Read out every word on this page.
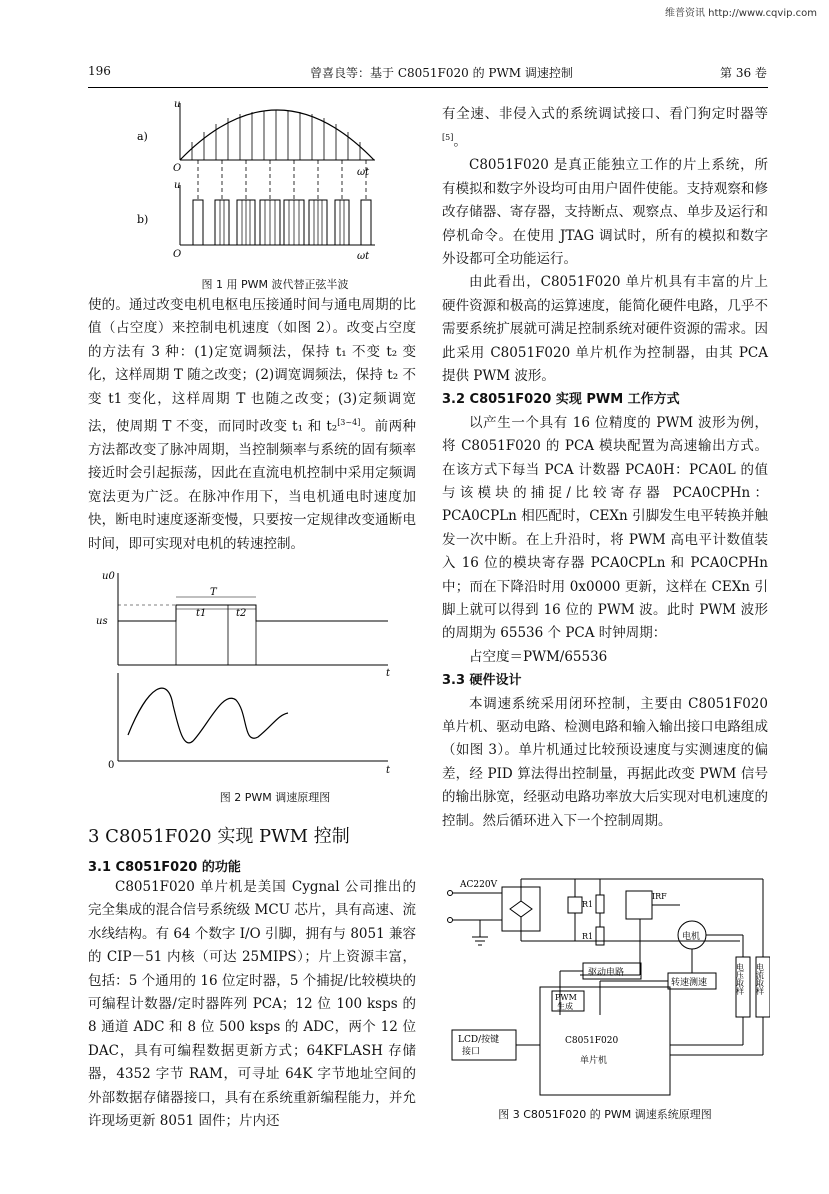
维普资讯 http://www.cqvip.com
196	曾喜良等：基于 C8051F020 的 PWM 调速控制	第 36 卷
a)
b)
u
u
O
O
ωt
ωt
图 1 用 PWM 波代替正弦半波

使的。通过改变电机电枢电压接通时间与通电周期的比值（占空度）来控制电机速度（如图 2）。改变占空度的方法有 3 种：(1)定宽调频法，保持 t₁ 不变 t₂ 变化，这样周期 T 随之改变；(2)调宽调频法，保持 t₂ 不变 t1 变化，这样周期 T 也随之改变；(3)定频调宽法，使周期 T 不变，而同时改变 t₁ 和 t₂[3~4]。前两种方法都改变了脉冲周期，当控制频率与系统的固有频率接近时会引起振荡，因此在直流电机控制中采用定频调宽法更为广泛。在脉冲作用下，当电机通电时速度加快，断电时速度逐渐变慢，只要按一定规律改变通断电时间，即可实现对电机的转速控制。

u0
us
T
t1	t2
t
t
0
图 2 PWM 调速原理图
3 C8051F020 实现 PWM 控制
3.1 C8051F020 的功能

C8051F020 单片机是美国 Cygnal 公司推出的完全集成的混合信号系统级 MCU 芯片，具有高速、流水线结构。有 64 个数字 I/O 引脚，拥有与 8051 兼容的 CIP－51 内核（可达 25MIPS）；片上资源丰富，包括：5 个通用的 16 位定时器，5 个捕捉/比较模块的可编程计数器/定时器阵列 PCA；12 位 100 ksps 的 8 通道 ADC 和 8 位 500 ksps 的 ADC，两个 12 位 DAC，具有可编程数据更新方式；64KFLASH 存储器，4352 字节 RAM，可寻址 64K 字节地址空间的外部数据存储器接口，具有在系统重新编程能力，并允许现场更新 8051 固件；片内还

有全速、非侵入式的系统调试接口、看门狗定时器等[5]。

C8051F020 是真正能独立工作的片上系统，所有模拟和数字外设均可由用户固件使能。支持观察和修改存储器、寄存器，支持断点、观察点、单步及运行和停机命令。在使用 JTAG 调试时，所有的模拟和数字外设都可全功能运行。

由此看出，C8051F020 单片机具有丰富的片上硬件资源和极高的运算速度，能简化硬件电路，几乎不需要系统扩展就可满足控制系统对硬件资源的需求。因此采用 C8051F020 单片机作为控制器，由其 PCA 提供 PWM 波形。

3.2 C8051F020 实现 PWM 工作方式

以产生一个具有 16 位精度的 PWM 波形为例，将 C8051F020 的 PCA 模块配置为高速输出方式。在该方式下每当 PCA 计数器 PCA0H：PCA0L 的值与该模块的捕捉/比较寄存器 PCA0CPHn：PCA0CPLn 相匹配时，CEXn 引脚发生电平转换并触发一次中断。在上升沿时，将 PWM 高电平计数值装入 16 位的模块寄存器 PCA0CPLn 和 PCA0CPHn 中；而在下降沿时用 0x0000 更新，这样在 CEXn 引脚上就可以得到 16 位的 PWM 波。此时 PWM 波形的周期为 65536 个 PCA 时钟周期：

占空度＝PWM/65536

3.3 硬件设计

本调速系统采用闭环控制，主要由 C8051F020 单片机、驱动电路、检测电路和输入输出接口电路组成（如图 3）。单片机通过比较预设速度与实测速度的偏差，经 PID 算法得出控制量，再据此改变 PWM 信号的输出脉宽，经驱动电路功率放大后实现对电机速度的控制。然后循环进入下一个控制周期。

AC220V
R1
R1
IRF
电机
驱动电路
PWM
生成
转速测速	电压取样 电流取样
LCD/按键
接口
C8051F020
单片机
图 3 C8051F020 的 PWM 调速系统原理图
